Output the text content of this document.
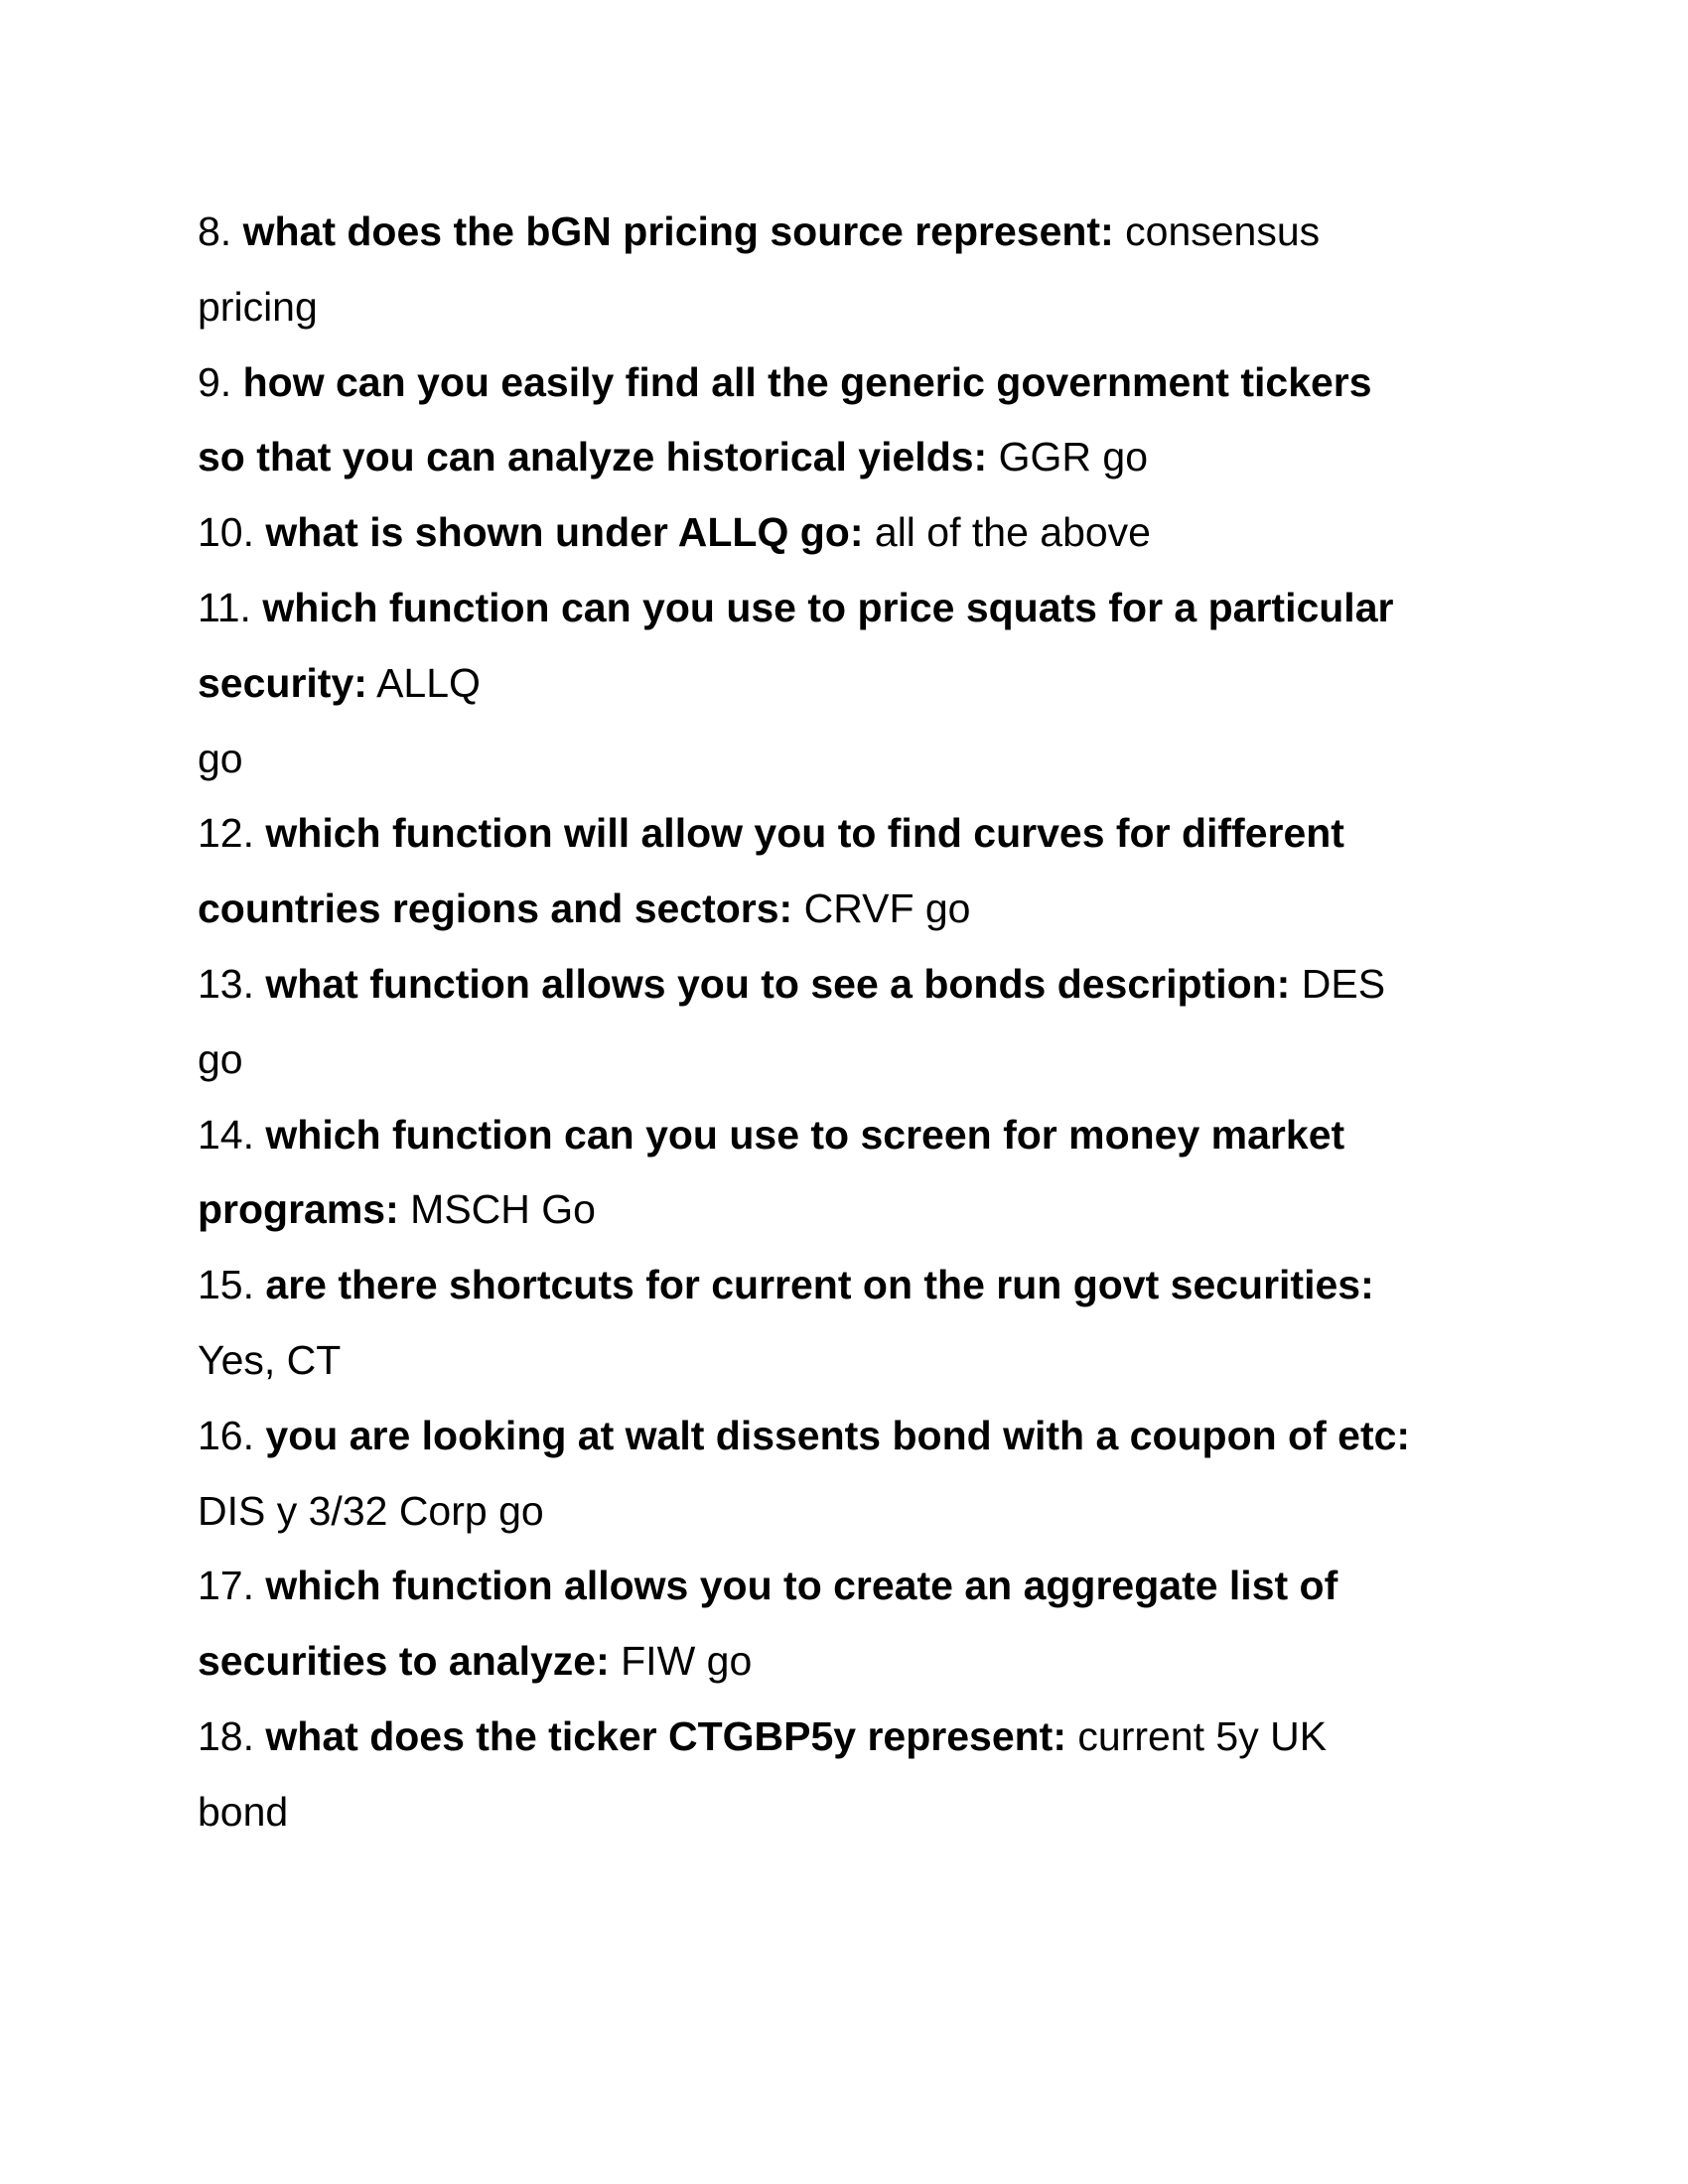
8. what does the bGN pricing source represent: consensus
pricing
9. how can you easily find all the generic government tickers
so that you can analyze historical yields: GGR go
10. what is shown under ALLQ go: all of the above
11. which function can you use to price squats for a particular
security: ALLQ
go
12. which function will allow you to find curves for different
countries regions and sectors: CRVF go
13. what function allows you to see a bonds description: DES
go
14. which function can you use to screen for money market
programs: MSCH Go
15. are there shortcuts for current on the run govt securities:
Yes, CT
16. you are looking at walt dissents bond with a coupon of etc:
DIS y 3/32 Corp go
17. which function allows you to create an aggregate list of
securities to analyze: FIW go
18. what does the ticker CTGBP5y represent: current 5y UK
bond
